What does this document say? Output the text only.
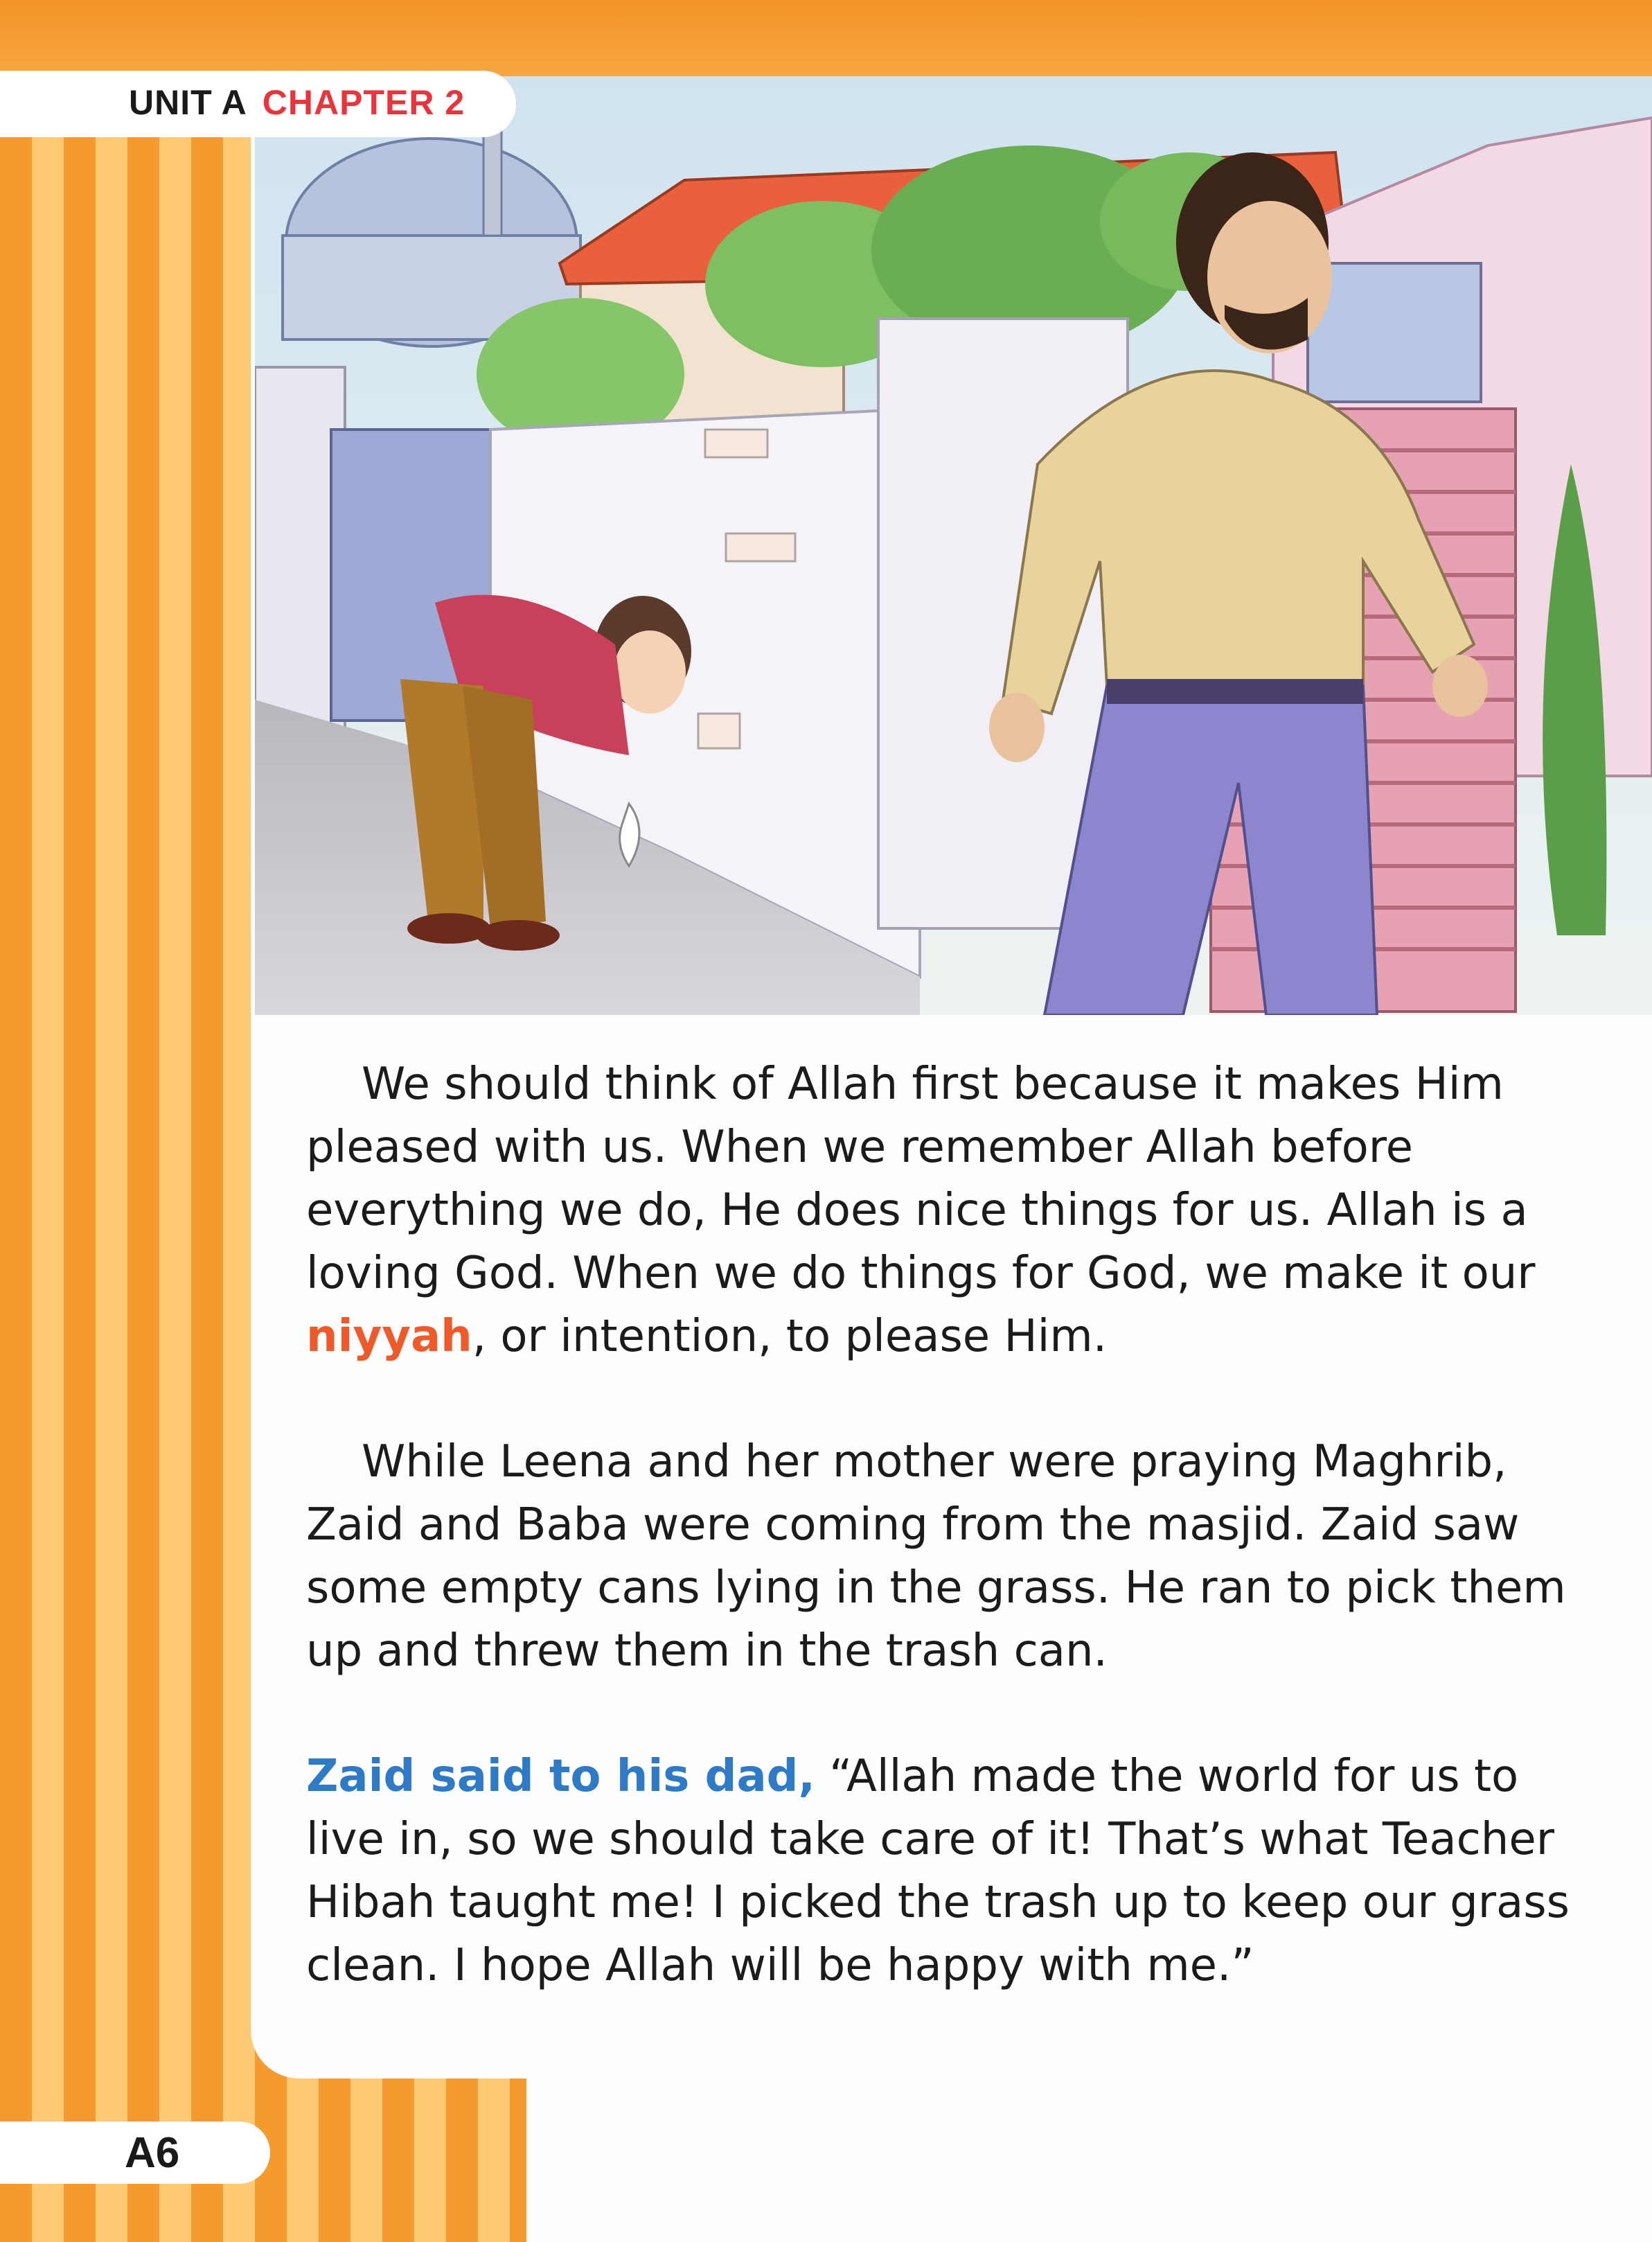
UNIT A CHAPTER 2

We should think of Allah first because it makes Him pleased with us. When we remember Allah before everything we do, He does nice things for us. Allah is a loving God. When we do things for God, we make it our niyyah, or intention, to please Him.

While Leena and her mother were praying Maghrib, Zaid and Baba were coming from the masjid. Zaid saw some empty cans lying in the grass. He ran to pick them up and threw them in the trash can.

Zaid said to his dad, “Allah made the world for us to live in, so we should take care of it! That’s what Teacher Hibah taught me! I picked the trash up to keep our grass clean. I hope Allah will be happy with me.”

A6
